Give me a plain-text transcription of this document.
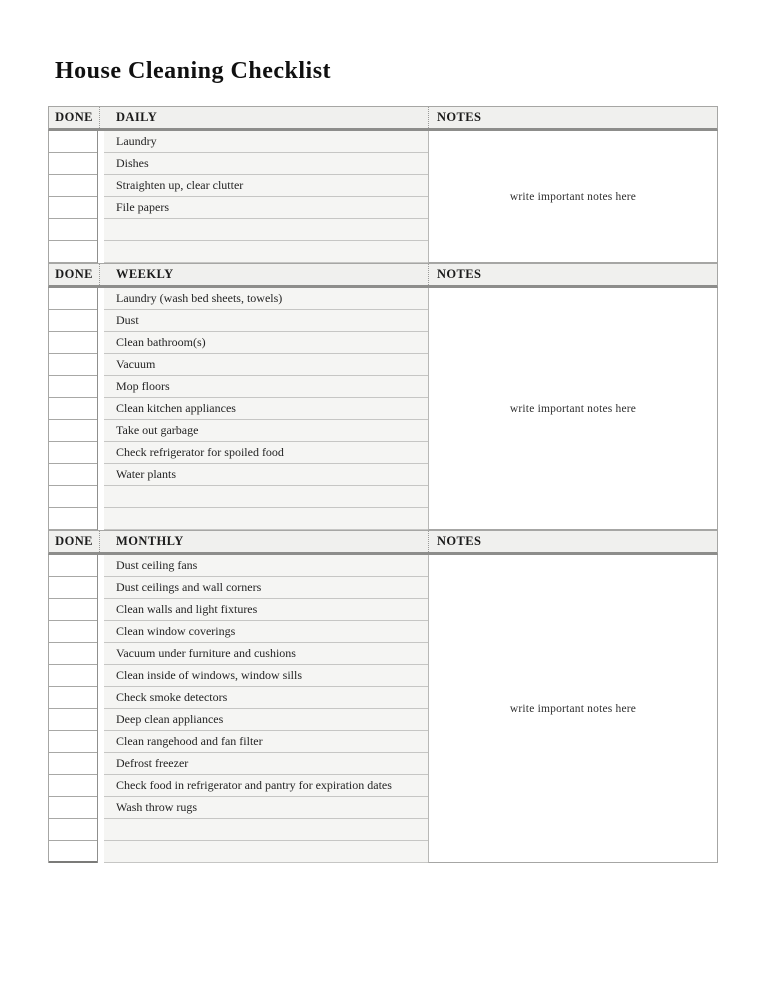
House Cleaning Checklist
DONE	DAILY	NOTES
Laundry
Dishes
Straighten up, clear clutter
File papers
write important notes here
DONE	WEEKLY	NOTES
Laundry (wash bed sheets, towels)
Dust
Clean bathroom(s)
Vacuum
Mop floors
Clean kitchen appliances
Take out garbage
Check refrigerator for spoiled food
Water plants
write important notes here
DONE	MONTHLY	NOTES
Dust ceiling fans
Dust ceilings and wall corners
Clean walls and light fixtures
Clean window coverings
Vacuum under furniture and cushions
Clean inside of windows, window sills
Check smoke detectors
Deep clean appliances
Clean rangehood and fan filter
Defrost freezer
Check food in refrigerator and pantry for expiration dates
Wash throw rugs
write important notes here
